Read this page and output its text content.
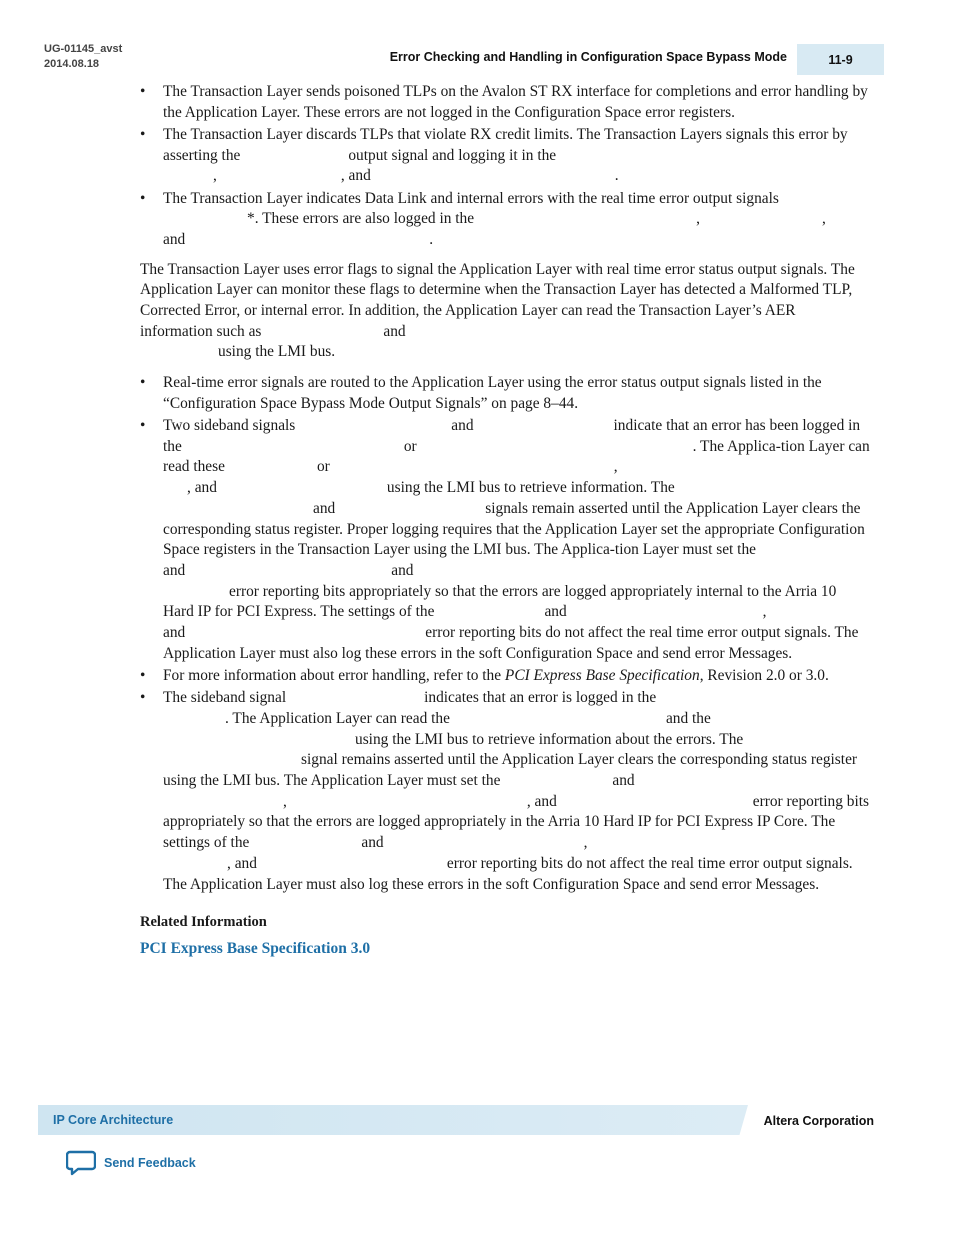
UG-01145_avst
2014.08.18	Error Checking and Handling in Configuration Space Bypass Mode	11-9
• The Transaction Layer sends poisoned TLPs on the Avalon ST RX interface for completions and error handling by the Application Layer. These errors are not logged in the Configuration Space error registers.
• The Transaction Layer discards TLPs that violate RX credit limits. The Transaction Layers signals this error by asserting the	output signal and logging it in the
,	, and	.
• The Transaction Layer indicates Data Link and internal errors with the real time error output signals
*. These errors are also logged in the	,	,
and	.

The Transaction Layer uses error flags to signal the Application Layer with real time error status output signals. The Application Layer can monitor these flags to determine when the Transaction Layer has detected a Malformed TLP, Corrected Error, or internal error. In addition, the Application Layer can read the Transaction Layer’s AER information such as	and
using the LMI bus.

• Real-time error signals are routed to the Application Layer using the error status output signals listed in the “Configuration Space Bypass Mode Output Signals” on page 8–44.
• Two sideband signals	and	indicate that an error has been logged in the	or	. The Applica-tion Layer can read these	or	,
, and	using the LMI bus to retrieve information. The
and	signals remain asserted until the Application Layer clears the corresponding status register. Proper logging requires that the Application Layer set the appropriate Configuration Space registers in the Transaction Layer using the LMI bus. The Applica-tion Layer must set theand	and
error reporting bits appropriately so that the errors are logged appropriately internal to the Arria 10 Hard IP for PCI Express. The settings of the	and	,
and	error reporting bits do not affect the real time error output signals. The Application Layer must also log these errors in the soft Configuration Space and send error Messages.
• For more information about error handling, refer to the PCI Express Base Specification, Revision 2.0 or 3.0.
• The sideband signal	indicates that an error is logged in the
. The Application Layer can read the	and the
using the LMI bus to retrieve information about the errors. The
signal remains asserted until the Application Layer clears the corresponding status register using the LMI bus. The Application Layer must set the	and
,	, and	error reporting bits appropriately so that the errors are logged appropriately in the Arria 10 Hard IP for PCI Express IP Core. The settings of the	and	,
, and	error reporting bits do not affect the real time error output signals. The Application Layer must also log these errors in the soft Configuration Space and send error Messages.
Related Information
PCI Express Base Specification 3.0
IP Core Architecture	Altera Corporation
Send Feedback
